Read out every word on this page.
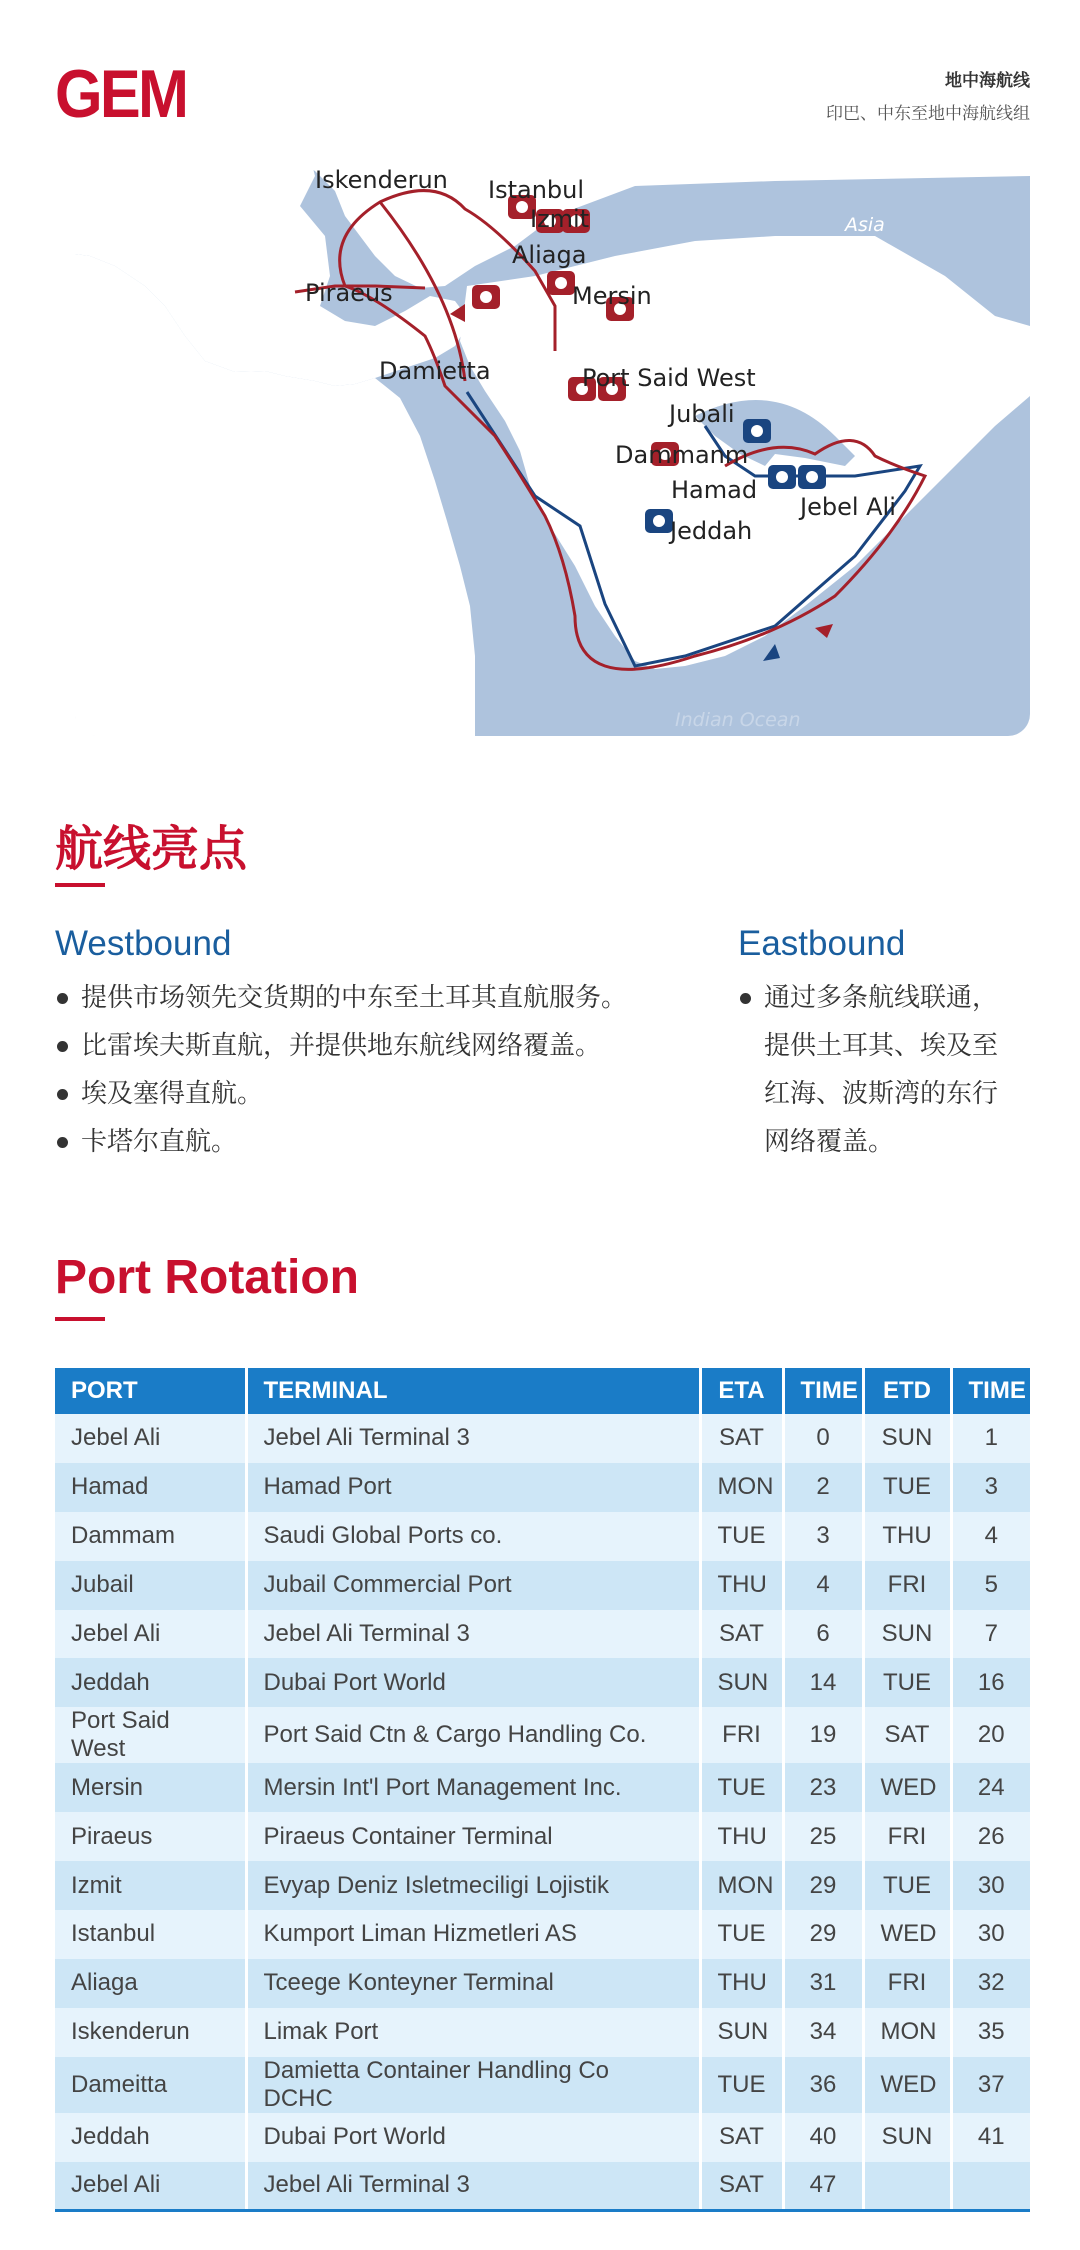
GEM	地中海航线
印巴、中东至地中海航线组
Asia
Indian Ocean
Iskenderun Istanbul
Izmit
Aliaga
Piraeus	Mersin
Damietta	Port Said West
Jubali
Dammanm
Hamad
Jebel Ali
Jeddah
航线亮点
Westbound
提供市场领先交货期的中东至土耳其直航服务。
比雷埃夫斯直航，并提供地东航线网络覆盖。
埃及塞得直航。
卡塔尔直航。
Eastbound
通过多条航线联通，
提供土耳其、埃及至
红海、波斯湾的东行
网络覆盖。
Port Rotation
PORT	TERMINAL	ETA	TIME	ETD	TIME
Jebel Ali	Jebel Ali Terminal 3	SAT	0	SUN	1
Hamad	Hamad Port	MON	2	TUE	3
Dammam	Saudi Global Ports co.	TUE	3	THU	4
Jubail	Jubail Commercial Port	THU	4	FRI	5
Jebel Ali	Jebel Ali Terminal 3	SAT	6	SUN	7
Jeddah	Dubai Port World	SUN	14	TUE	16
Port Said West	Port Said Ctn & Cargo Handling Co.	FRI	19	SAT	20
Mersin	Mersin Int'l Port Management Inc.	TUE	23	WED	24
Piraeus	Piraeus Container Terminal	THU	25	FRI	26
Izmit	Evyap Deniz Isletmeciligi Lojistik	MON	29	TUE	30
Istanbul	Kumport Liman Hizmetleri AS	TUE	29	WED	30
Aliaga	Tceege Konteyner Terminal	THU	31	FRI	32
Iskenderun	Limak Port	SUN	34	MON	35
Dameitta	Damietta Container Handling Co DCHC	TUE	36	WED	37
Jeddah	Dubai Port World	SAT	40	SUN	41
Jebel Ali	Jebel Ali Terminal 3	SAT	47		
